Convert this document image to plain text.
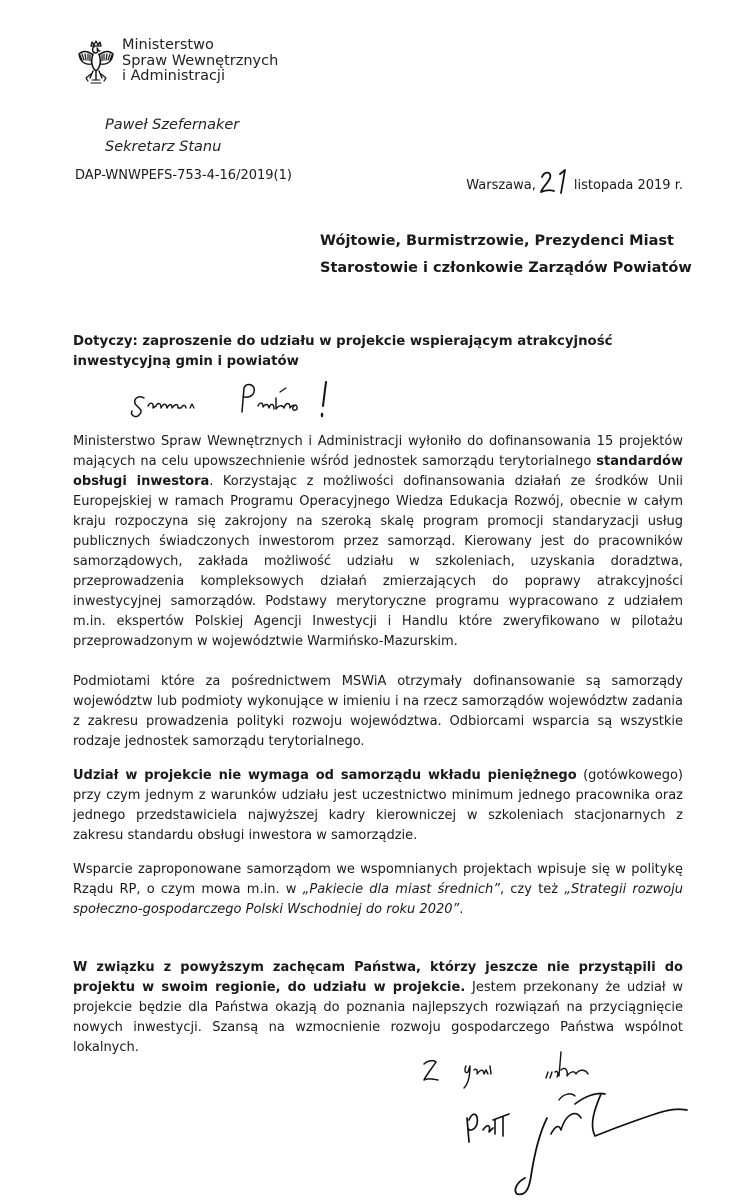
Ministerstwo
Spraw Wewnętrznych
i Administracji
Paweł Szefernaker
Sekretarz Stanu
DAP-WNWPEFS-753-4-16/2019(1)
Warszawa,	listopada 2019 r.
Wójtowie, Burmistrzowie, Prezydenci Miast
Starostowie i członkowie Zarządów Powiatów
Dotyczy: zaproszenie do udziału w projekcie wspierającym atrakcyjność inwestycyjną gmin i powiatów
Ministerstwo Spraw Wewnętrznych i Administracji wyłoniło do dofinansowania 15 projektów mających na celu upowszechnienie wśród jednostek samorządu terytorialnego standardów obsługi inwestora. Korzystając z możliwości dofinansowania działań ze środków Unii Europejskiej w ramach Programu Operacyjnego Wiedza Edukacja Rozwój, obecnie w całym kraju rozpoczyna się zakrojony na szeroką skalę program promocji standaryzacji usług publicznych świadczonych inwestorom przez samorząd. Kierowany jest do pracowników samorządowych, zakłada możliwość udziału w szkoleniach, uzyskania doradztwa, przeprowadzenia kompleksowych działań zmierzających do poprawy atrakcyjności inwestycyjnej samorządów. Podstawy merytoryczne programu wypracowano z udziałem m.in. ekspertów Polskiej Agencji Inwestycji i Handlu które zweryfikowano w pilotażu przeprowadzonym w województwie Warmińsko-Mazurskim.
Podmiotami które za pośrednictwem MSWiA otrzymały dofinansowanie są samorządy województw lub podmioty wykonujące w imieniu i na rzecz samorządów województw zadania z zakresu prowadzenia polityki rozwoju województwa. Odbiorcami wsparcia są wszystkie rodzaje jednostek samorządu terytorialnego.
Udział w projekcie nie wymaga od samorządu wkładu pieniężnego (gotówkowego) przy czym jednym z warunków udziału jest uczestnictwo minimum jednego pracownika oraz jednego przedstawiciela najwyższej kadry kierowniczej w szkoleniach stacjonarnych z zakresu standardu obsługi inwestora w samorządzie.
Wsparcie zaproponowane samorządom we wspomnianych projektach wpisuje się w politykę Rządu RP, o czym mowa m.in. w „Pakiecie dla miast średnich”, czy też „Strategii rozwoju społeczno-gospodarczego Polski Wschodniej do roku 2020”.
W związku z powyższym zachęcam Państwa, którzy jeszcze nie przystąpili do projektu w swoim regionie, do udziału w projekcie. Jestem przekonany że udział w projekcie będzie dla Państwa okazją do poznania najlepszych rozwiązań na przyciągnięcie nowych inwestycji. Szansą na wzmocnienie rozwoju gospodarczego Państwa wspólnot lokalnych.
